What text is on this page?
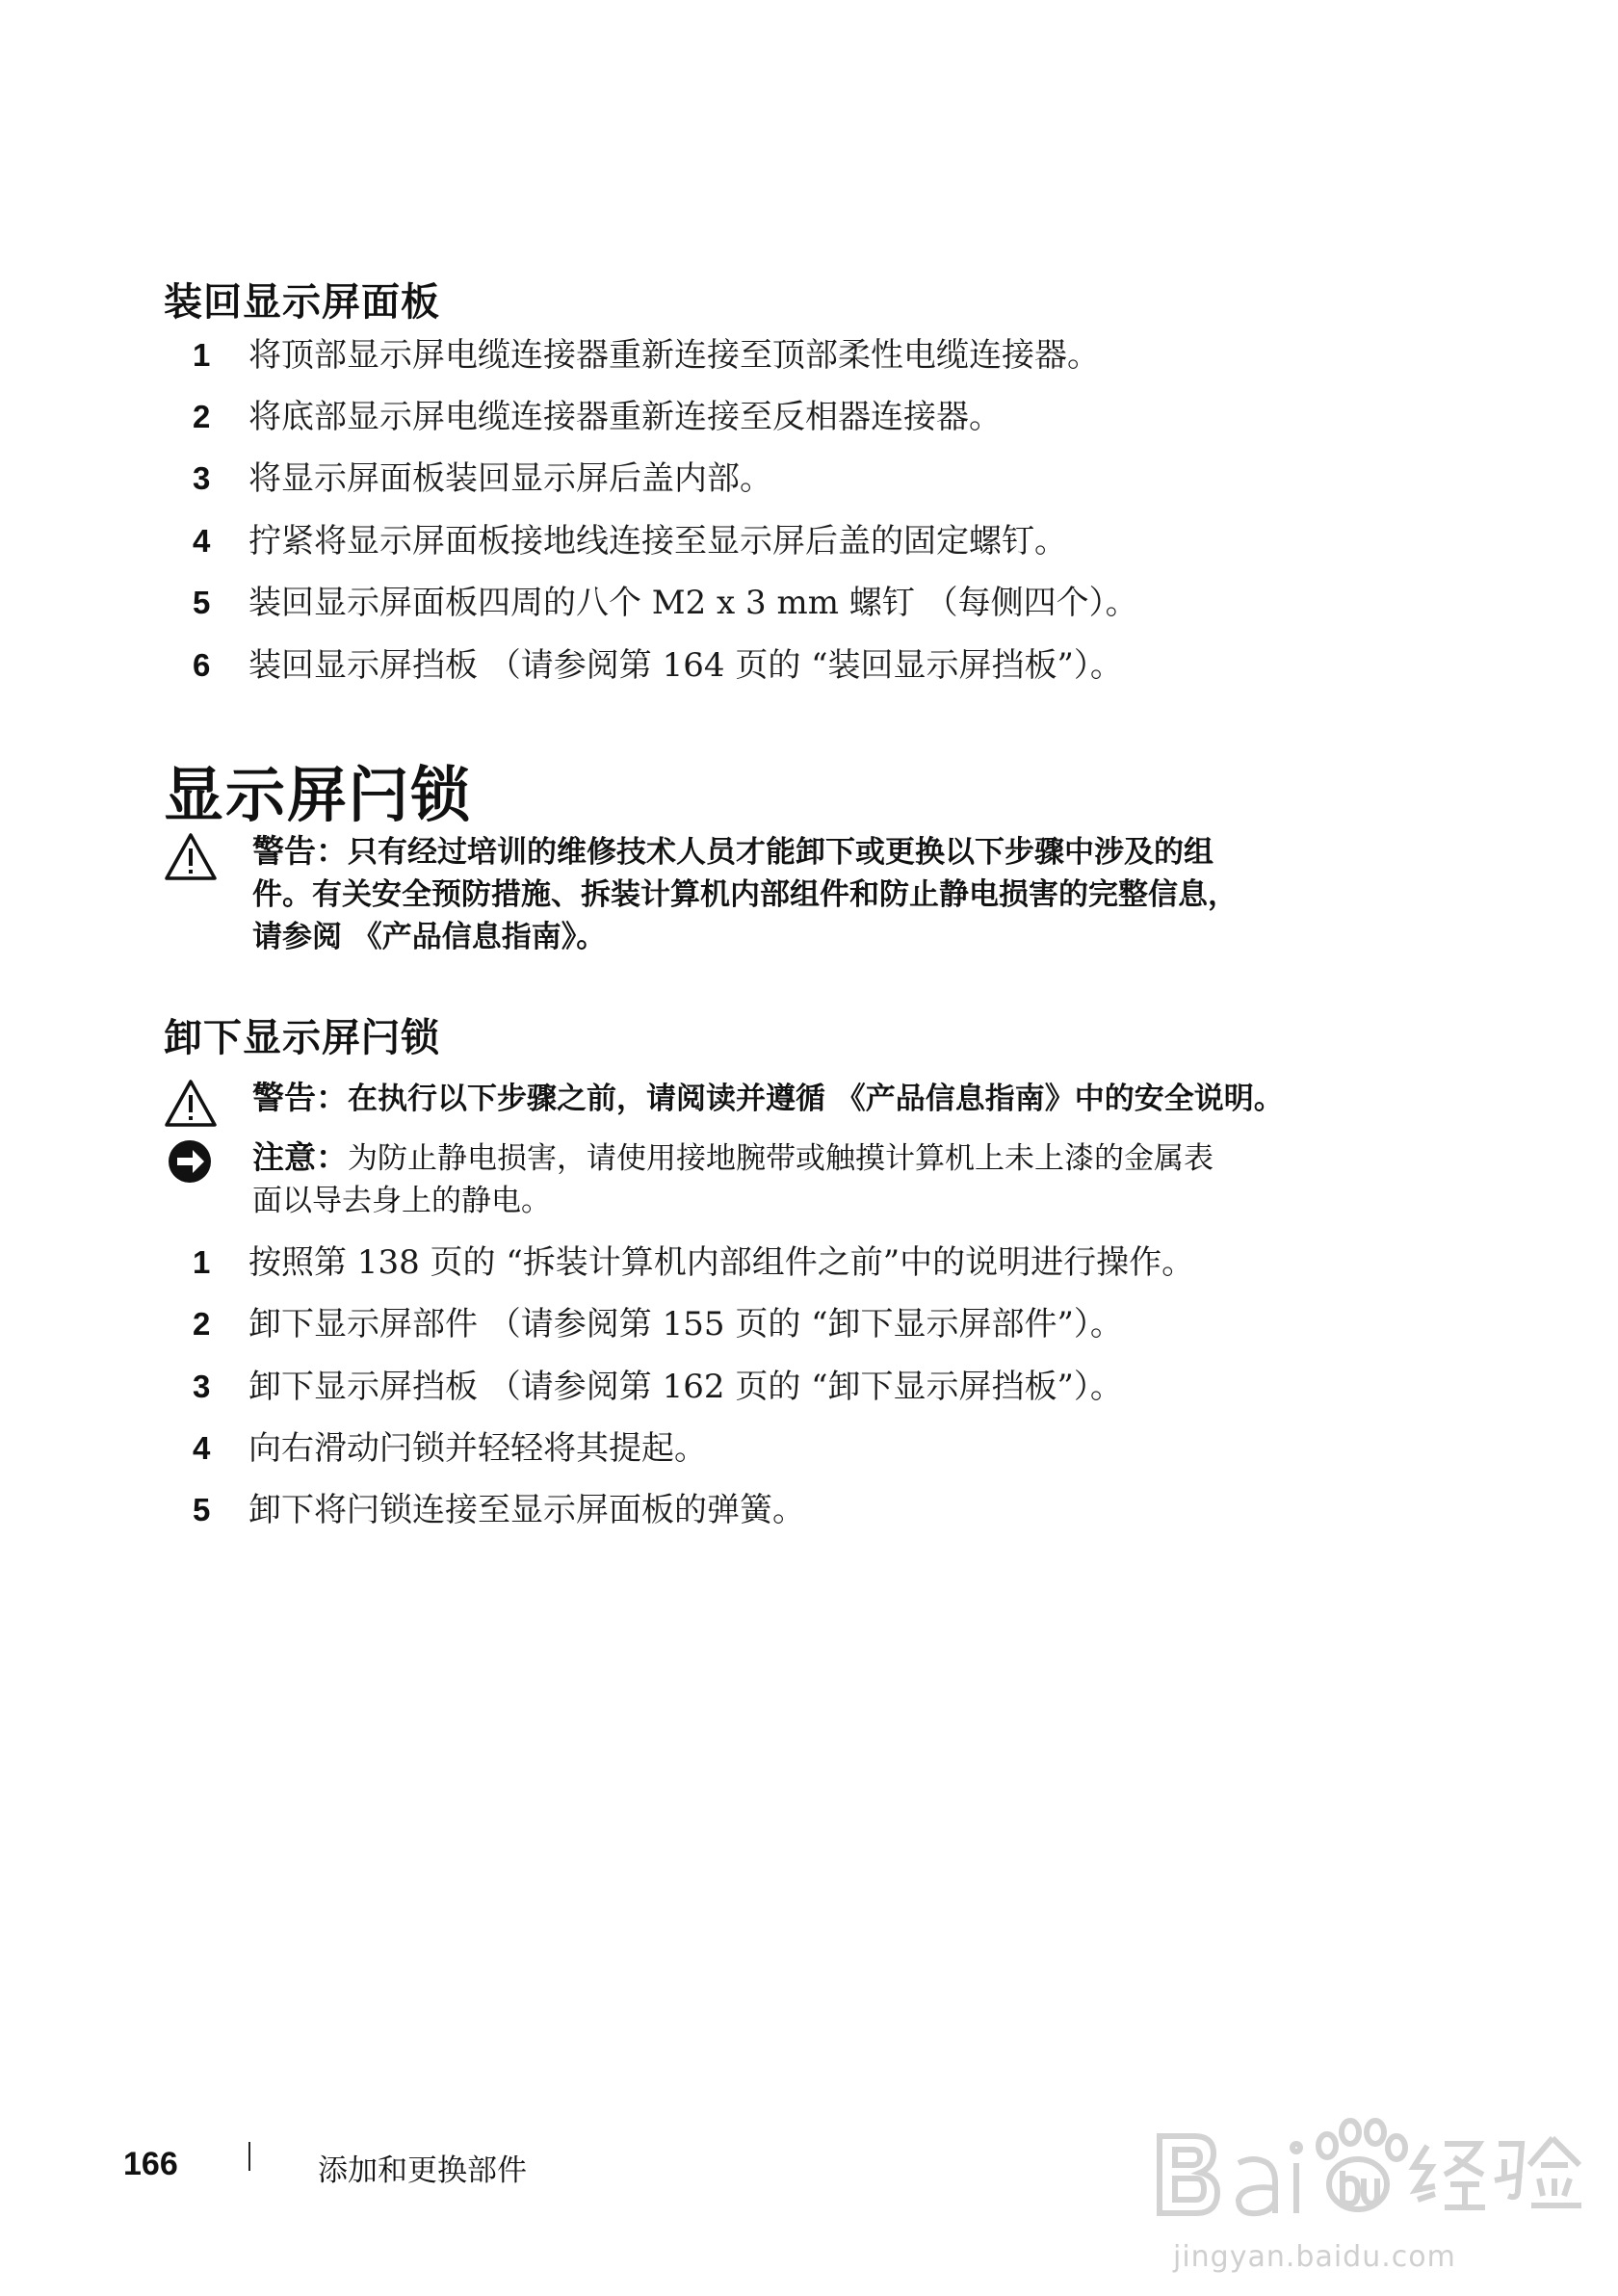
装回显示屏面板
1 将顶部显示屏电缆连接器重新连接至顶部柔性电缆连接器。
2 将底部显示屏电缆连接器重新连接至反相器连接器。
3 将显示屏面板装回显示屏后盖内部。
4 拧紧将显示屏面板接地线连接至显示屏后盖的固定螺钉。
5 装回显示屏面板四周的八个 M2 x 3 mm 螺钉 （每侧四个）。
6 装回显示屏挡板 （请参阅第 164 页的 “装回显示屏挡板”）。
显示屏闩锁
警告：只有经过培训的维修技术人员才能卸下或更换以下步骤中涉及的组
件。有关安全预防措施、拆装计算机内部组件和防止静电损害的完整信息，
请参阅 《产品信息指南》。
卸下显示屏闩锁
警告：在执行以下步骤之前，请阅读并遵循 《产品信息指南》中的安全说明。
注意：为防止静电损害，请使用接地腕带或触摸计算机上未上漆的金属表
面以导去身上的静电。
1 按照第 138 页的 “拆装计算机内部组件之前”中的说明进行操作。
2 卸下显示屏部件 （请参阅第 155 页的 “卸下显示屏部件”）。
3 卸下显示屏挡板 （请参阅第 162 页的 “卸下显示屏挡板”）。
4 向右滑动闩锁并轻轻将其提起。
5 卸下将闩锁连接至显示屏面板的弹簧。
166	添加和更换部件
jingyan.baidu.com
